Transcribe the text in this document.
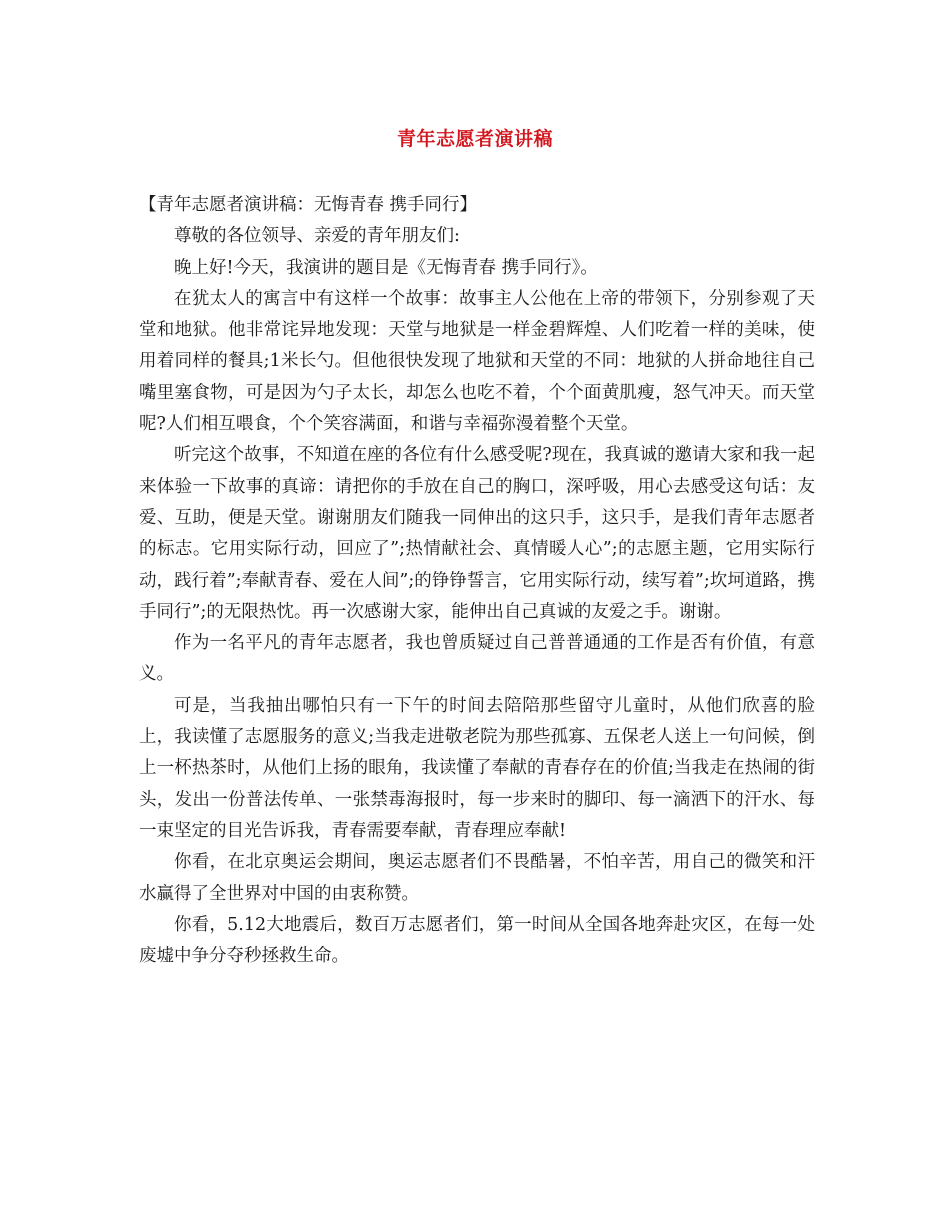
青年志愿者演讲稿

【青年志愿者演讲稿：无悔青春 携手同行】

尊敬的各位领导、亲爱的青年朋友们:

晚上好!今天，我演讲的题目是《无悔青春 携手同行》。

在犹太人的寓言中有这样一个故事：故事主人公他在上帝的带领下，分别参观了天堂和地狱。他非常诧异地发现：天堂与地狱是一样金碧辉煌、人们吃着一样的美味，使用着同样的餐具;1米长勺。但他很快发现了地狱和天堂的不同：地狱的人拼命地往自己嘴里塞食物，可是因为勺子太长，却怎么也吃不着，个个面黄肌瘦，怒气冲天。而天堂呢?人们相互喂食，个个笑容满面，和谐与幸福弥漫着整个天堂。

听完这个故事，不知道在座的各位有什么感受呢?现在，我真诚的邀请大家和我一起来体验一下故事的真谛：请把你的手放在自己的胸口，深呼吸，用心去感受这句话：友爱、互助，便是天堂。谢谢朋友们随我一同伸出的这只手，这只手，是我们青年志愿者的标志。它用实际行动，回应了”;热情献社会、真情暖人心”;的志愿主题，它用实际行动，践行着”;奉献青春、爱在人间”;的铮铮誓言，它用实际行动，续写着”;坎坷道路，携手同行”;的无限热忱。再一次感谢大家，能伸出自己真诚的友爱之手。谢谢。

作为一名平凡的青年志愿者，我也曾质疑过自己普普通通的工作是否有价值，有意义。

可是，当我抽出哪怕只有一下午的时间去陪陪那些留守儿童时，从他们欣喜的脸上，我读懂了志愿服务的意义;当我走进敬老院为那些孤寡、五保老人送上一句问候，倒上一杯热茶时，从他们上扬的眼角，我读懂了奉献的青春存在的价值;当我走在热闹的街头，发出一份普法传单、一张禁毒海报时，每一步来时的脚印、每一滴洒下的汗水、每一束坚定的目光告诉我，青春需要奉献，青春理应奉献!

你看，在北京奥运会期间，奥运志愿者们不畏酷暑，不怕辛苦，用自己的微笑和汗水赢得了全世界对中国的由衷称赞。

你看，5.12大地震后，数百万志愿者们，第一时间从全国各地奔赴灾区，在每一处废墟中争分夺秒拯救生命。
